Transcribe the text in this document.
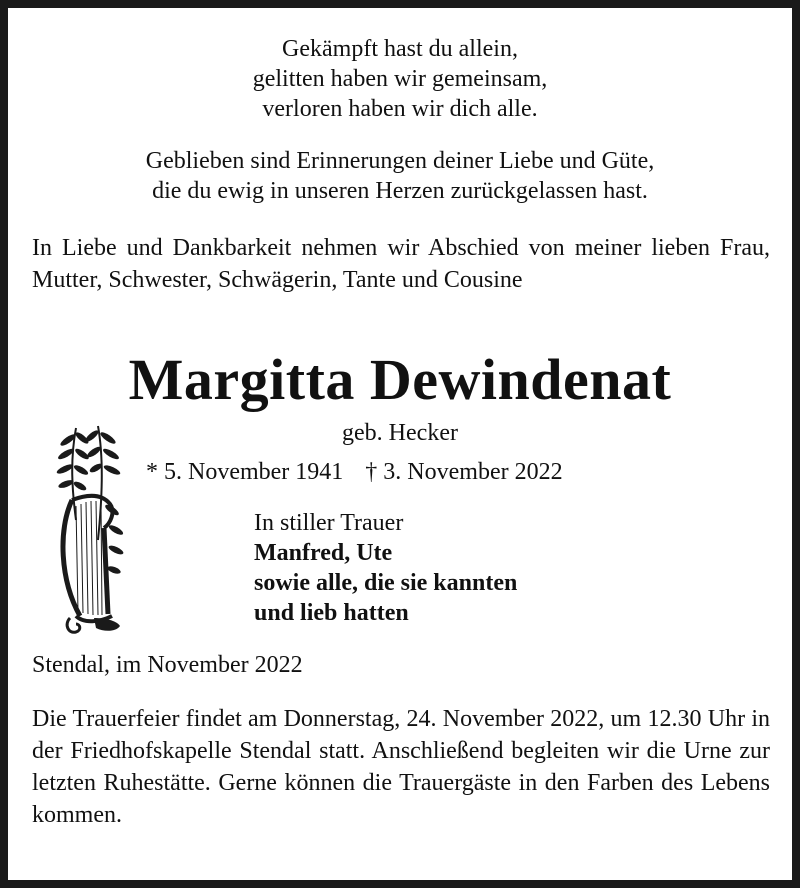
Gekämpft hast du allein,
gelitten haben wir gemeinsam,
verloren haben wir dich alle.
Geblieben sind Erinnerungen deiner Liebe und Güte,
die du ewig in unseren Herzen zurückgelassen hast.
In Liebe und Dankbarkeit nehmen wir Abschied von meiner lieben Frau, Mutter, Schwester, Schwägerin, Tante und Cousine
Margitta Dewindenat
geb. Hecker
* 5. November 1941 † 3. November 2022
In stiller Trauer
Manfred, Ute
sowie alle, die sie kannten
und lieb hatten
Stendal, im November 2022
Die Trauerfeier findet am Donnerstag, 24. November 2022, um 12.30 Uhr in der Friedhofskapelle Stendal statt. Anschließend begleiten wir die Urne zur letzten Ruhestätte. Gerne können die Trauergäste in den Farben des Lebens kommen.
